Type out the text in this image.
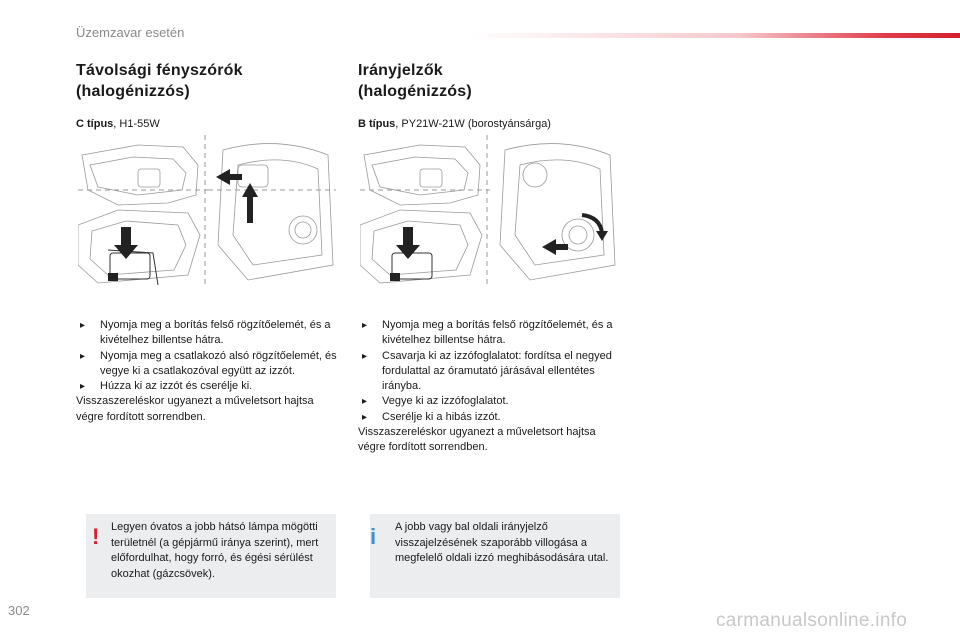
Üzemzavar esetén
Távolsági fényszórók
(halogénizzós)
C típus, H1-55W
▸ Nyomja meg a borítás felső rögzítőelemét, és a kivételhez billentse hátra.
▸ Nyomja meg a csatlakozó alsó rögzítőelemét, és vegye ki a csatlakozóval együtt az izzót.
▸ Húzza ki az izzót és cserélje ki.

Visszaszereléskor ugyanezt a műveletsort hajtsa végre fordított sorrendben.

! Legyen óvatos a jobb hátsó lámpa mögötti területnél (a gépjármű iránya szerint), mert előfordulhat, hogy forró, és égési sérülést okozhat (gázcsövek).

Irányjelzők
(halogénizzós)
B típus, PY21W-21W (borostyánsárga)
▸ Nyomja meg a borítás felső rögzítőelemét, és a kivételhez billentse hátra.
▸ Csavarja ki az izzófoglalatot: fordítsa el negyed fordulattal az óramutató járásával ellentétes irányba.
▸ Vegye ki az izzófoglalatot.
▸ Cserélje ki a hibás izzót.

Visszaszereléskor ugyanezt a műveletsort hajtsa végre fordított sorrendben.

i A jobb vagy bal oldali irányjelző visszajelzésének szaporább villogása a megfelelő oldali izzó meghibásodására utal.

302	carmanualsonline.info
